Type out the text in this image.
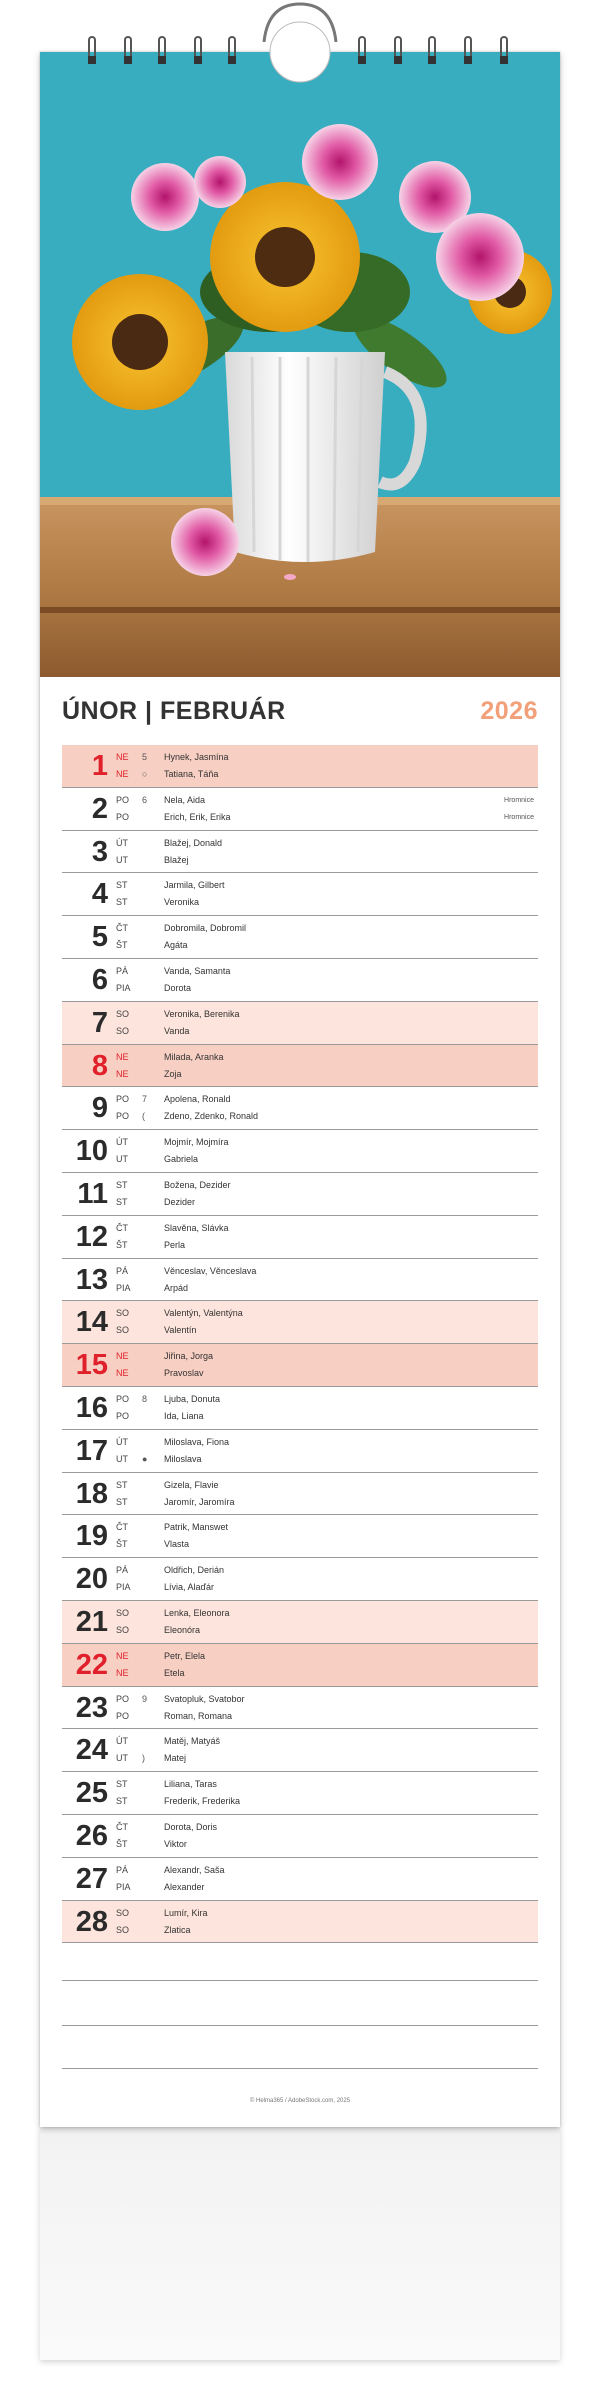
ÚNOR | FEBRUÁR	2026
1 NE
NE
5
○
Hynek, Jasmína
Tatiana, Táňa
2 PO
PO
6 Nela, Aida
Erich, Erik, Erika
Hromnice
Hromnice
3 ÚT
UT
Blažej, Donald
Blažej
4 ST
ST
Jarmila, Gilbert
Veronika
5 ČT
ŠT
Dobromila, Dobromil
Agáta
6 PÁ
PIA
Vanda, Samanta
Dorota
7 SO
SO
Veronika, Berenika
Vanda
8 NE
NE
Milada, Aranka
Zoja
9 PO
PO
7
(
Apolena, Ronald
Zdeno, Zdenko, Ronald
10 ÚT
UT
Mojmír, Mojmíra
Gabriela
11 ST
ST
Božena, Dezider
Dezider
12 ČT
ŠT
Slavěna, Slávka
Perla
13 PÁ
PIA
Věnceslav, Věnceslava
Arpád
14 SO
SO
Valentýn, Valentýna
Valentín
15 NE
NE
Jiřina, Jorga
Pravoslav
16 PO
PO
8 Ljuba, Donuta
Ida, Liana
17 ÚT
UT ●
Miloslava, Fiona
Miloslava
18 ST
ST
Gizela, Flavie
Jaromír, Jaromíra
19 ČT
ŠT
Patrik, Manswet
Vlasta
20 PÁ
PIA
Oldřich, Derián
Lívia, Alaďár
21 SO
SO
Lenka, Eleonora
Eleonóra
22 NE
NE
Petr, Elela
Etela
23 PO
PO
9 Svatopluk, Svatobor
Roman, Romana
24 ÚT
UT )
Matěj, Matyáš
Matej
25 ST
ST
Liliana, Taras
Frederik, Frederika
26 ČT
ŠT
Dorota, Doris
Viktor
27 PÁ
PIA
Alexandr, Saša
Alexander
28 SO
SO
Lumír, Kira
Zlatica
© Helma365 / AdobeStock.com, 2025
